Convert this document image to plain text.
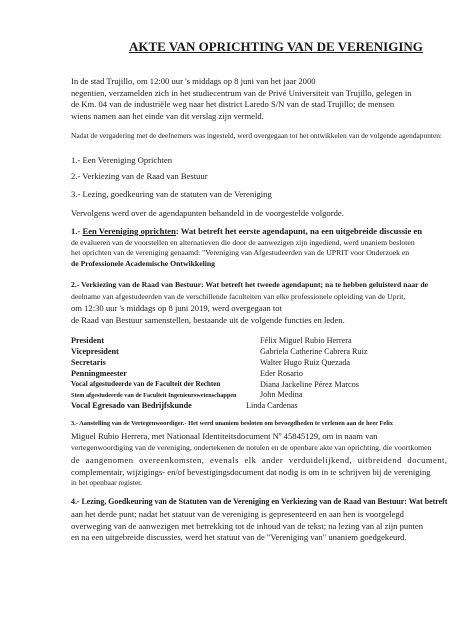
AKTE VAN OPRICHTING VAN DE VERENIGING
In de stad Trujillo, om 12:00 uur 's middags op 8 juni van het jaar 2000
negentien, verzamelden zich in het studiecentrum van de Privé Universiteit van Trujillo, gelegen in
de Km. 04 van de industriële weg naar het district Laredo S/N van de stad Trujillo; de mensen
wiens namen aan het einde van dit verslag zijn vermeld.
Nadat de vergadering met de deelnemers was ingesteld, werd overgegaan tot het ontwikkelen van de volgende agendapunten:
1.- Een Vereniging Oprichten
2.- Verkiezing van de Raad van Bestuur
3.- Lezing, goedkeuring van de statuten van de Vereniging
Vervolgens werd over de agendapunten behandeld in de voorgestelde volgorde.
1.- Een Vereniging oprichten: Wat betreft het eerste agendapunt, na een uitgebreide discussie en
de evalueren van de voorstellen en alternatieven die door de aanwezigen zijn ingediend, werd unaniem besloten
het oprichten van de vereniging genaamd: "Vereniging van Afgestudeerden van de UPRIT voor Onderzoek en
de Professionele Academische Ontwikkeling
2.- Verkiezing van de Raad van Bestuur: Wat betreft het tweede agendapunt; na te hebben geluisterd naar de
deelname van afgestudeerden van de verschillende faculteiten van elke professionele opleiding van de Uprit,
om 12:30 uur 's middags op 8 juni 2019, werd overgegaan tot
de Raad van Bestuur samenstellen, bestaande uit de volgende functies en leden.
President	Félix Miguel Rubio Herrera
Vicepresident	Gabriela Catherine Cabrera Ruiz
Secretaris	Walter Hugo Ruiz Quezada
Penningmeester	Eder Rosario
Vocal afgestudeerde van de Faculteit der Rechten	Diana Jackeline Pérez Marcos
Stem afgestudeerde van de Faculteit Ingenieurswetenschappen	John Medina
Vocal Egresado van Bedrijfskunde	Linda Cardenas
3.- Aanstelling van de Vertegenwoordiger.- Het werd unaniem besloten om bevoegdheden te verlenen aan de heer Felix
Miguel Rubio Herrera, met Nationaal Identiteitsdocument Nº 45845129, om in naam van
vertegenwoordiging van de vereniging, ondertekenen de notulen en de openbare akte van oprichting, die voortkomen
de aangenomen overeenkomsten, evenals elk ander verduidelijkend, uitbreidend document,
complementair, wijzigings- en/of bevestigingsdocument dat nodig is om in te schrijven bij de vereniging
in het openbaar register.
4.- Lezing, Goedkeuring van de Statuten van de Vereniging en Verkiezing van de Raad van Bestuur: Wat betreft
aan het derde punt; nadat het statuut van de vereniging is gepresenteerd en aan hen is voorgelegd
overweging van de aanwezigen met betrekking tot de inhoud van de tekst; na lezing van al zijn punten
en na een uitgebreide discussies, werd het statuut van de "Vereniging van" unaniem goedgekeurd.
